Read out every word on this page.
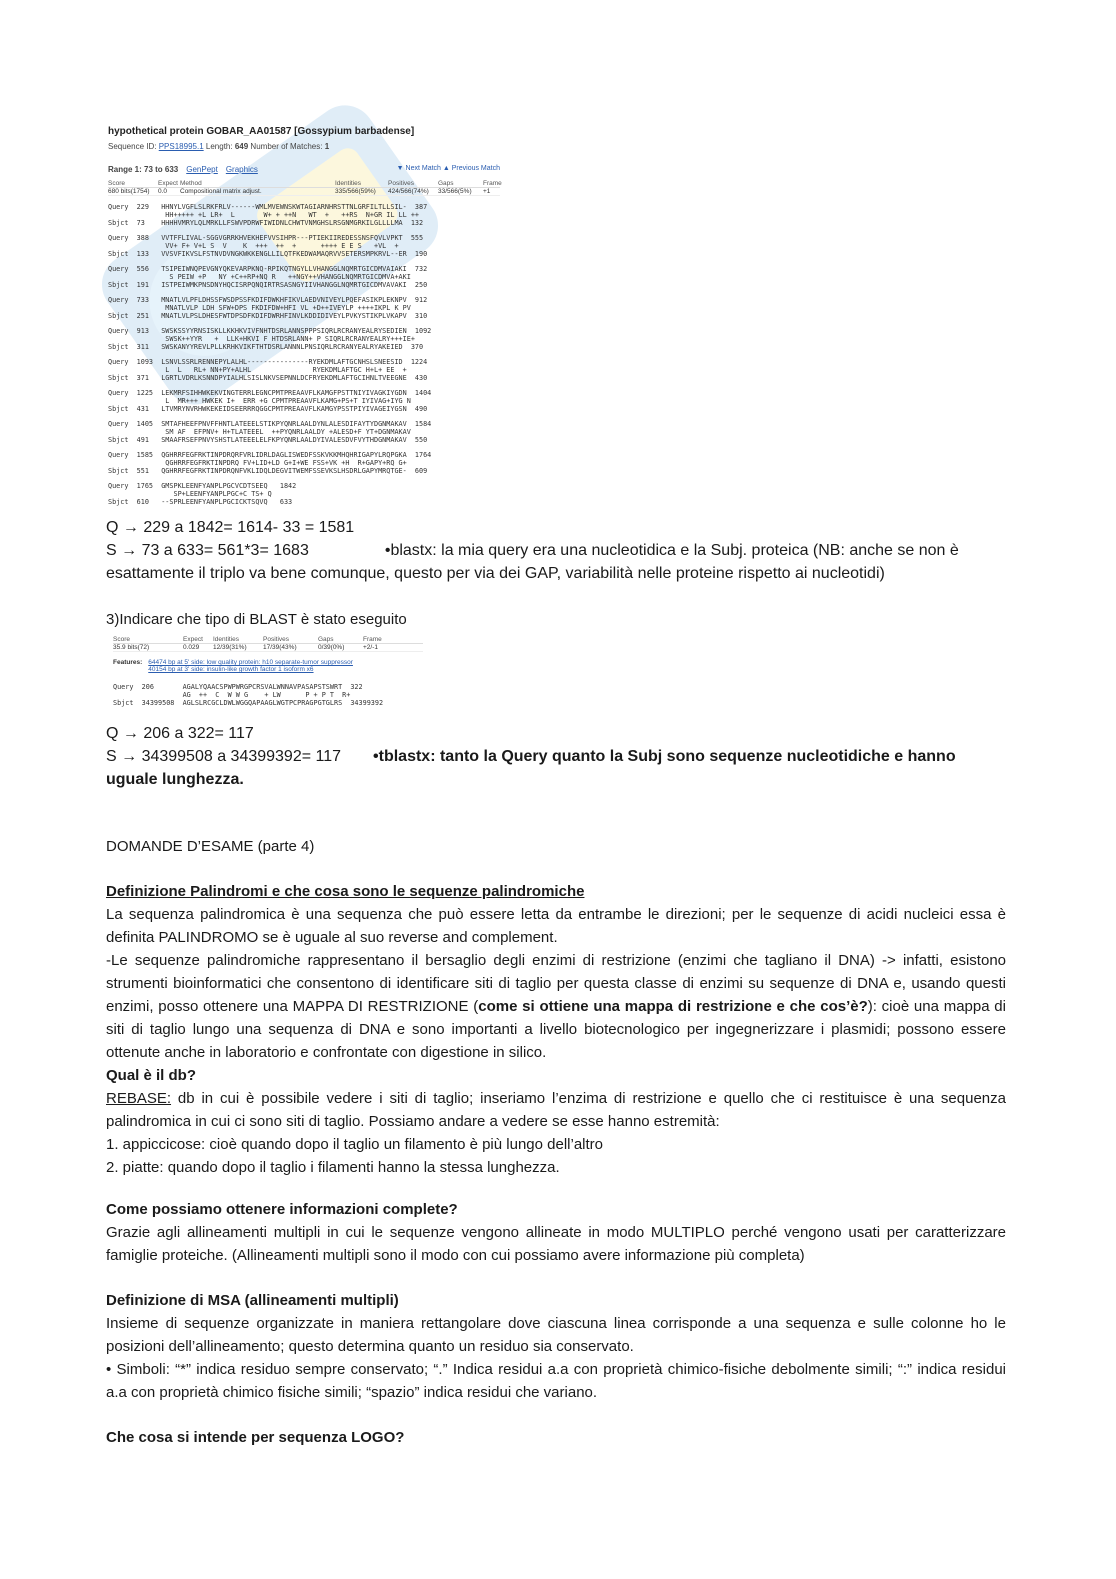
hypothetical protein GOBAR_AA01587 [Gossypium barbadense]
Sequence ID: PPS18995.1 Length: 649 Number of Matches: 1
Range 1: 73 to 633 GenPept Graphics	▼ Next Match ▲ Previous Match
Score	Expect Method	Identities	Positives	Gaps	Frame
680 bits(1754)	0.0	Compositional matrix adjust.	335/566(59%)	424/566(74%)	33/566(5%)	+1
Query  229   HHNYLVGFLSLRKFRLV------WMLMVEWNSKWTAGIARNHRSTTNLGRFILTLLSIL-  387
HH+++++ +L LR+  L       W+ + ++N   WT  +   ++RS  N+GR IL LL ++
Sbjct  73    HHHHVMRYLQLMRKLLFSWVPDRWFIWIDNLCHWTVNMGHSLRSGNMGRKILGLLLLMA  132
Query  388   VVTFFLIVAL-SGGVGRRKHVEKHEFVVSIHPR---PTIEKIIREDESSNSFQVLVPKT  555
VV+ F+ V+L S  V    K  +++  ++  +      ++++ E E S   +VL  +
Sbjct  133   VVSVFIKVSLFSTNVDVNGKWKKENGLLILQTFKEDWAMAQRVVSETERSMPKRVL--ER  190
Query  556   TSIPEIWNQPEVGNYQKEVARPKNQ-RPIKQTNGYLLVHANGGLNQMRTGICDMVAIAKI  732
S PEIW +P   NY +C++RP+NQ R   ++NGY++VHANGGLNQMRTGICDMVA+AKI
Sbjct  191   ISTPEIWMKPNSDNYHQCISRPQNQIRTRSASNGYIIVHANGGLNQMRTGICDMVAVAKI  250
Query  733   MNATLVLPFLDHSSFWSDPSSFKDIFDWKHFIKVLAEDVNIVEYLPQEFASIKPLEKNPV  912
MNATLVLP LDH SFW+DPS FKDIFDW+HFI VL +D++IVEYLP ++++IKPL K PV
Sbjct  251   MNATLVLPSLDHESFWTDPSDFKDIFDWRHFINVLKDDIDIVEYLPVKYSTIKPLVKAPV  310
Query  913   SWSKSSYYRNSISKLLKKHKVIVFNHTDSRLANNSPPPSIQRLRCRANYEALRYSEDIEN  1092
SWSK++YYR   +  LLK+HKVI F HTDSRLANN+ P SIQRLRCRANYEALRY+++IE+
Sbjct  311   SWSKANYYREVLPLLKRHKVIKFTHTDSRLANNNLPNSIQRLRCRANYEALRYAKEIED  370
Query  1093  LSNVLSSRLRENNEPYLALHL---------------RYEKDMLAFTGCNHSLSNEESID  1224
L  L   RL+ NN+PY+ALHL               RYEKDMLAFTGC H+L+ EE  +
Sbjct  371   LGRTLVDRLKSNNDPYIALHLSISLNKVSEPNNLDCFRYEKDMLAFTGCIHNLTVEEGNE  430
Query  1225  LEKMRFSIHHWKEKVINGTERRLEGNCPMTPREAAVFLKAMGFPSTTNIYIVAGKIYGDN  1404
L  MR+++ HWKEK I+  ERR +G CPMTPREAAVFLKAMG+PS+T IYIVAG+IYG N
Sbjct  431   LTVMRYNVRHWKEKEIDSEERRRQGGCPMTPREAAVFLKAMGYPSSTPIYIVAGEIYGSN  490
Query  1405  SMTAFHEEFPNVFFHNTLATEEELSTIKPYQNRLAALDYNLALESDIFAYTYDGNMAKAV  1584
SM AF  EFPNV+ H+TLATEEEL  ++PYQNRLAALDY +ALESD+F YT+DGNMAKAV
Sbjct  491   SMAAFRSEFPNVYSHSTLATEEELELFKPYQNRLAALDYIVALESDVFVYTHDGNMAKAV  550
Query  1585  QGHRRFEGFRKTINPDRQRFVRLIDRLDAGLISWEDFSSKVKKMHQHRIGAPYLRQPGKA  1764
QGHRRFEGFRKTINPDRQ FV+LID+LD G+I+WE FSS+VK +H  R+GAPY+RQ G+
Sbjct  551   QGHRRFEGFRKTINPDRQNFVKLIDQLDEGVITWEMFSSEVKSLHSDRLGAPYMRQTGE-  609
Query  1765  GMSPKLEENFYANPLPGCVCDTSEEQ   1842
SP+LEENFYANPLPGC+C TS+ Q
Sbjct  610   --SPRLEENFYANPLPGCICKTSQVQ   633

Q → 229 a 1842= 1614- 33 = 1581

S → 73 a 633= 561*3= 1683	•blastx: la mia query era una nucleotidica e la Subj. proteica (NB: anche se non è esattamente il triplo va bene comunque, questo per via dei GAP, variabilità nelle proteine rispetto ai nucleotidi)

3)Indicare che tipo di BLAST è stato eseguito
Score	Expect	Identities	Positives	Gaps	Frame
35.9 bits(72)	0.029	12/39(31%)	17/39(43%)	0/39(0%)	+2/-1
Features: 64474 bp at 5' side: low quality protein: h10 separate-tumor suppressor
40154 bp at 3' side: insulin-like growth factor 1 isoform x6
Query  206       AGALYQAACSPWPWRGPCRSVALWNNAVPASAPSTSWRT  322
AG  ++  C  W W G    + LW      P + P T  R+
Sbjct  34399508  AGLSLRCGCLDWLWGGQAPAAGLWGTPCPRAGPGTGLRS  34399392

Q → 206 a 322= 117

S → 34399508 a 34399392= 117 •tblastx: tanto la Query quanto la Subj sono sequenze nucleotidiche e hanno uguale lunghezza.

DOMANDE D’ESAME (parte 4)
Definizione Palindromi e che cosa sono le sequenze palindromiche

La sequenza palindromica è una sequenza che può essere letta da entrambe le direzioni; per le sequenze di acidi nucleici essa è definita PALINDROMO se è uguale al suo reverse and complement.

-Le sequenze palindromiche rappresentano il bersaglio degli enzimi di restrizione (enzimi che tagliano il DNA) -> infatti, esistono strumenti bioinformatici che consentono di identificare siti di taglio per questa classe di enzimi su sequenze di DNA e, usando questi enzimi, posso ottenere una MAPPA DI RESTRIZIONE (come si ottiene una mappa di restrizione e che cos’è?): cioè una mappa di siti di taglio lungo una sequenza di DNA e sono importanti a livello biotecnologico per ingegnerizzare i plasmidi; possono essere ottenute anche in laboratorio e confrontate con digestione in silico.

Qual è il db?

REBASE: db in cui è possibile vedere i siti di taglio; inseriamo l’enzima di restrizione e quello che ci restituisce è una sequenza palindromica in cui ci sono siti di taglio. Possiamo andare a vedere se esse hanno estremità:

1. appiccicose: cioè quando dopo il taglio un filamento è più lungo dell’altro

2. piatte: quando dopo il taglio i filamenti hanno la stessa lunghezza.

Come possiamo ottenere informazioni complete?

Grazie agli allineamenti multipli in cui le sequenze vengono allineate in modo MULTIPLO perché vengono usati per caratterizzare famiglie proteiche. (Allineamenti multipli sono il modo con cui possiamo avere informazione più completa)

Definizione di MSA (allineamenti multipli)

Insieme di sequenze organizzate in maniera rettangolare dove ciascuna linea corrisponde a una sequenza e sulle colonne ho le posizioni dell’allineamento; questo determina quanto un residuo sia conservato.

• Simboli: “*” indica residuo sempre conservato; “.” Indica residui a.a con proprietà chimico-fisiche debolmente simili; “:” indica residui a.a con proprietà chimico fisiche simili; “spazio” indica residui che variano.

Che cosa si intende per sequenza LOGO?
